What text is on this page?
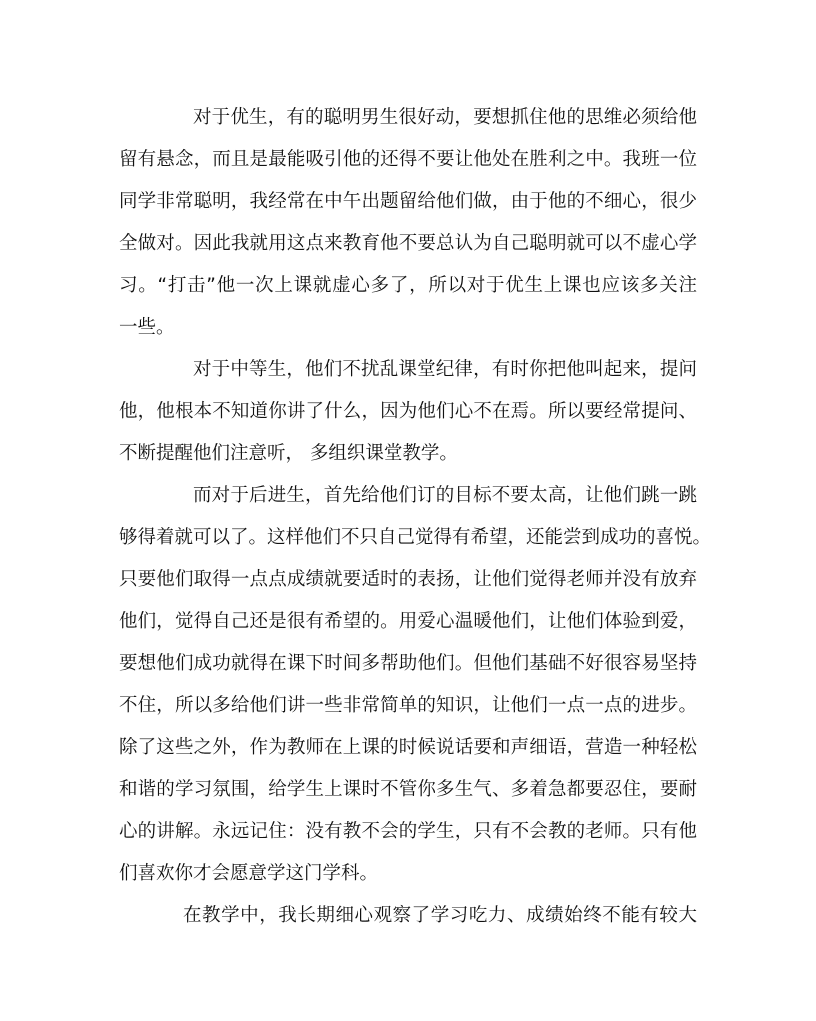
对于优生，有的聪明男生很好动，要想抓住他的思维必须给他
留有悬念，而且是最能吸引他的还得不要让他处在胜利之中。我班一位
同学非常聪明，我经常在中午出题留给他们做，由于他的不细心，很少
全做对。因此我就用这点来教育他不要总认为自己聪明就可以不虚心学
习。“打击”他一次上课就虚心多了，所以对于优生上课也应该多关注
一些。
对于中等生，他们不扰乱课堂纪律，有时你把他叫起来，提问
他，他根本不知道你讲了什么，因为他们心不在焉。所以要经常提问、
不断提醒他们注意听， 多组织课堂教学。
而对于后进生，首先给他们订的目标不要太高，让他们跳一跳
够得着就可以了。这样他们不只自己觉得有希望，还能尝到成功的喜悦。
只要他们取得一点点成绩就要适时的表扬，让他们觉得老师并没有放弃
他们，觉得自己还是很有希望的。用爱心温暖他们，让他们体验到爱，
要想他们成功就得在课下时间多帮助他们。但他们基础不好很容易坚持
不住，所以多给他们讲一些非常简单的知识，让他们一点一点的进步。
除了这些之外，作为教师在上课的时候说话要和声细语，营造一种轻松
和谐的学习氛围，给学生上课时不管你多生气、多着急都要忍住，要耐
心的讲解。永远记住：没有教不会的学生，只有不会教的老师。只有他
们喜欢你才会愿意学这门学科。
在教学中，我长期细心观察了学习吃力、成绩始终不能有较大
